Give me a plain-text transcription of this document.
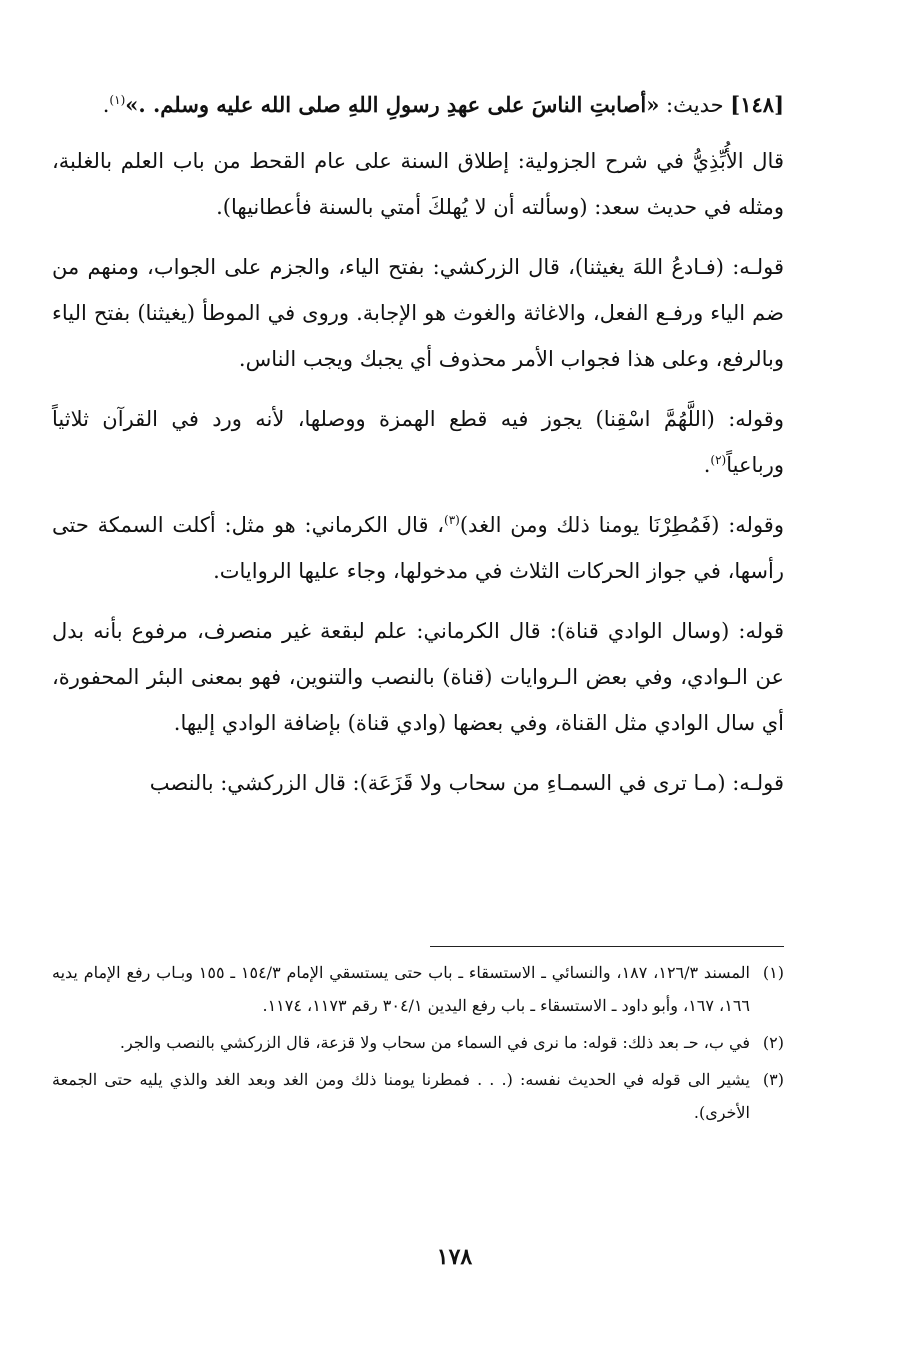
[١٤٨] حديث: «أصابتِ الناسَ على عهدِ رسولِ اللهِ صلى الله عليه وسلم. .»$^{(١)}$.

قال الأُبِّذِيُّ في شرح الجزولية: إطلاق السنة على عام القحط من باب العلم بالغلبة، ومثله في حديث سعد: (وسألته أن لا يُهلكَ أمتي بالسنة فأعطانيها).

قولـه: (فـادعُ اللهَ يغيثنا)، قال الزركشي: بفتح الياء، والجزم على الجواب، ومنهم من ضم الياء ورفـع الفعل، والاغاثة والغوث هو الإجابة. وروى في الموطأ (يغيثنا) بفتح الياء وبالرفع، وعلى هذا فجواب الأمر محذوف أي يجبك ويجب الناس.

وقوله: (اللَّهُمَّ اسْقِنا) يجوز فيه قطع الهمزة ووصلها، لأنه ورد في القرآن ثلاثياً ورباعياً$^{(٢)}$.

وقوله: (فَمُطِرْنَا يومنا ذلك ومن الغد)$^{(٣)}$، قال الكرماني: هو مثل: أكلت السمكة حتى رأسها، في جواز الحركات الثلاث في مدخولها، وجاء عليها الروايات.

قوله: (وسال الوادي قناة): قال الكرماني: علم لبقعة غير منصرف، مرفوع بأنه بدل عن الـوادي، وفي بعض الـروايات (قناة) بالنصب والتنوين، فهو بمعنى البئر المحفورة، أي سال الوادي مثل القناة، وفي بعضها (وادي قناة) بإضافة الوادي إليها.

قولـه: (مـا ترى في السمـاءِ من سحاب ولا قَزَعَة): قال الزركشي: بالنصب

(١)
المسند ١٢٦/٣، ١٨٧، والنسائي ـ الاستسقاء ـ باب حتى يستسقي الإمام ١٥٤/٣ ـ ١٥٥ وبـاب رفع الإمام يديه ١٦٦، ١٦٧، وأبو داود ـ الاستسقاء ـ باب رفع اليدين ٣٠٤/١ رقم ١١٧٣، ١١٧٤.

(٢)
في ب، حـ بعد ذلك: قوله: ما نرى في السماء من سحاب ولا قزعة، قال الزركشي بالنصب والجر.

(٣)
يشير الى قوله في الحديث نفسه: (. . . فمطرنا يومنا ذلك ومن الغد وبعد الغد والذي يليه حتى الجمعة الأخرى).

١٧٨
